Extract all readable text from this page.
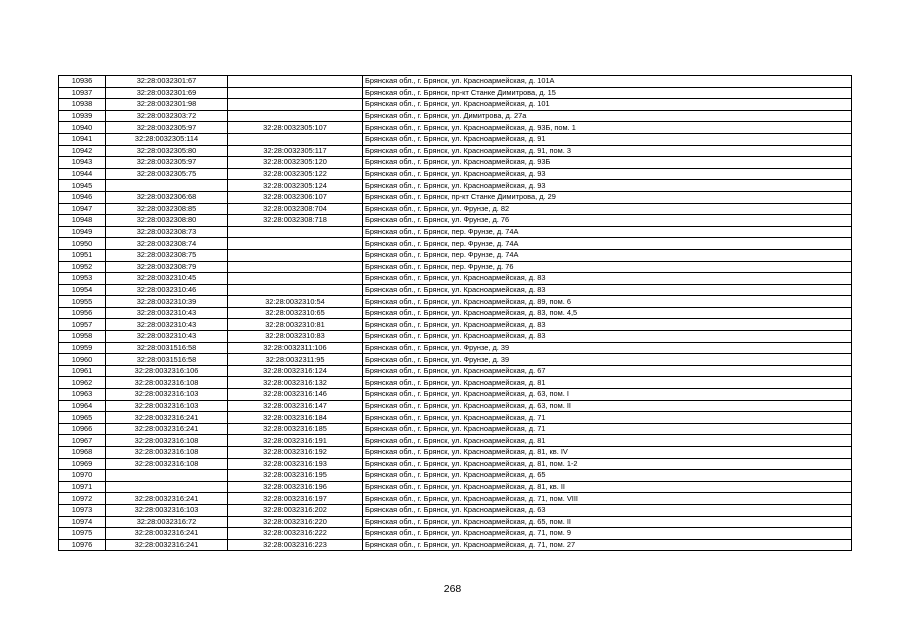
10936	32:28:0032301:67		Брянская обл., г. Брянск, ул. Красноармейская, д. 101А
10937	32:28:0032301:69		Брянская обл., г. Брянск, пр-кт Станке Димитрова, д. 15
10938	32:28:0032301:98		Брянская обл., г. Брянск, ул. Красноармейская, д. 101
10939	32:28:0032303:72		Брянская обл., г. Брянск, ул. Димитрова, д. 27а
10940	32:28:0032305:97	32:28:0032305:107	Брянская обл., г. Брянск, ул. Красноармейская, д. 93Б, пом. 1
10941	32:28:0032305:114		Брянская обл., г. Брянск, ул. Красноармейская, д. 91
10942	32:28:0032305:80	32:28:0032305:117	Брянская обл., г. Брянск, ул. Красноармейская, д. 91, пом. 3
10943	32:28:0032305:97	32:28:0032305:120	Брянская обл., г. Брянск, ул. Красноармейская, д. 93Б
10944	32:28:0032305:75	32:28:0032305:122	Брянская обл., г. Брянск, ул. Красноармейская, д. 93
10945		32:28:0032305:124	Брянская обл., г. Брянск, ул. Красноармейская, д. 93
10946	32:28:0032306:68	32:28:0032306:107	Брянская обл., г. Брянск, пр-кт Станке Димитрова, д. 29
10947	32:28:0032308:85	32:28:0032308:704	Брянская обл., г. Брянск, ул. Фрунзе, д. 82
10948	32:28:0032308:80	32:28:0032308:718	Брянская обл., г. Брянск, ул. Фрунзе, д. 76
10949	32:28:0032308:73		Брянская обл., г. Брянск, пер. Фрунзе, д. 74А
10950	32:28:0032308:74		Брянская обл., г. Брянск, пер. Фрунзе, д. 74А
10951	32:28:0032308:75		Брянская обл., г. Брянск, пер. Фрунзе, д. 74А
10952	32:28:0032308:79		Брянская обл., г. Брянск, пер. Фрунзе, д. 76
10953	32:28:0032310:45		Брянская обл., г. Брянск, ул. Красноармейская, д. 83
10954	32:28:0032310:46		Брянская обл., г. Брянск, ул. Красноармейская, д. 83
10955	32:28:0032310:39	32:28:0032310:54	Брянская обл., г. Брянск, ул. Красноармейская, д. 89, пом. 6
10956	32:28:0032310:43	32:28:0032310:65	Брянская обл., г. Брянск, ул. Красноармейская, д. 83, пом. 4,5
10957	32:28:0032310:43	32:28:0032310:81	Брянская обл., г. Брянск, ул. Красноармейская, д. 83
10958	32:28:0032310:43	32:28:0032310:83	Брянская обл., г. Брянск, ул. Красноармейская, д. 83
10959	32:28:0031516:58	32:28:0032311:106	Брянская обл., г. Брянск, ул. Фрунзе, д. 39
10960	32:28:0031516:58	32:28:0032311:95	Брянская обл., г. Брянск, ул. Фрунзе, д. 39
10961	32:28:0032316:106	32:28:0032316:124	Брянская обл., г. Брянск, ул. Красноармейская, д. 67
10962	32:28:0032316:108	32:28:0032316:132	Брянская обл., г. Брянск, ул. Красноармейская, д. 81
10963	32:28:0032316:103	32:28:0032316:146	Брянская обл., г. Брянск, ул. Красноармейская, д. 63, пом. I
10964	32:28:0032316:103	32:28:0032316:147	Брянская обл., г. Брянск, ул. Красноармейская, д. 63, пом. II
10965	32:28:0032316:241	32:28:0032316:184	Брянская обл., г. Брянск, ул. Красноармейская, д. 71
10966	32:28:0032316:241	32:28:0032316:185	Брянская обл., г. Брянск, ул. Красноармейская, д. 71
10967	32:28:0032316:108	32:28:0032316:191	Брянская обл., г. Брянск, ул. Красноармейская, д. 81
10968	32:28:0032316:108	32:28:0032316:192	Брянская обл., г. Брянск, ул. Красноармейская, д. 81, кв. IV
10969	32:28:0032316:108	32:28:0032316:193	Брянская обл., г. Брянск, ул. Красноармейская, д. 81, пом. 1-2
10970		32:28:0032316:195	Брянская обл., г. Брянск, ул. Красноармейская, д. 65
10971		32:28:0032316:196	Брянская обл., г. Брянск, ул. Красноармейская, д. 81, кв. II
10972	32:28:0032316:241	32:28:0032316:197	Брянская обл., г. Брянск, ул. Красноармейская, д. 71, пом. VIII
10973	32:28:0032316:103	32:28:0032316:202	Брянская обл., г. Брянск, ул. Красноармейская, д. 63
10974	32:28:0032316:72	32:28:0032316:220	Брянская обл., г. Брянск, ул. Красноармейская, д. 65, пом. II
10975	32:28:0032316:241	32:28:0032316:222	Брянская обл., г. Брянск, ул. Красноармейская, д. 71, пом. 9
10976	32:28:0032316:241	32:28:0032316:223	Брянская обл., г. Брянск, ул. Красноармейская, д. 71, пом. 27
268
